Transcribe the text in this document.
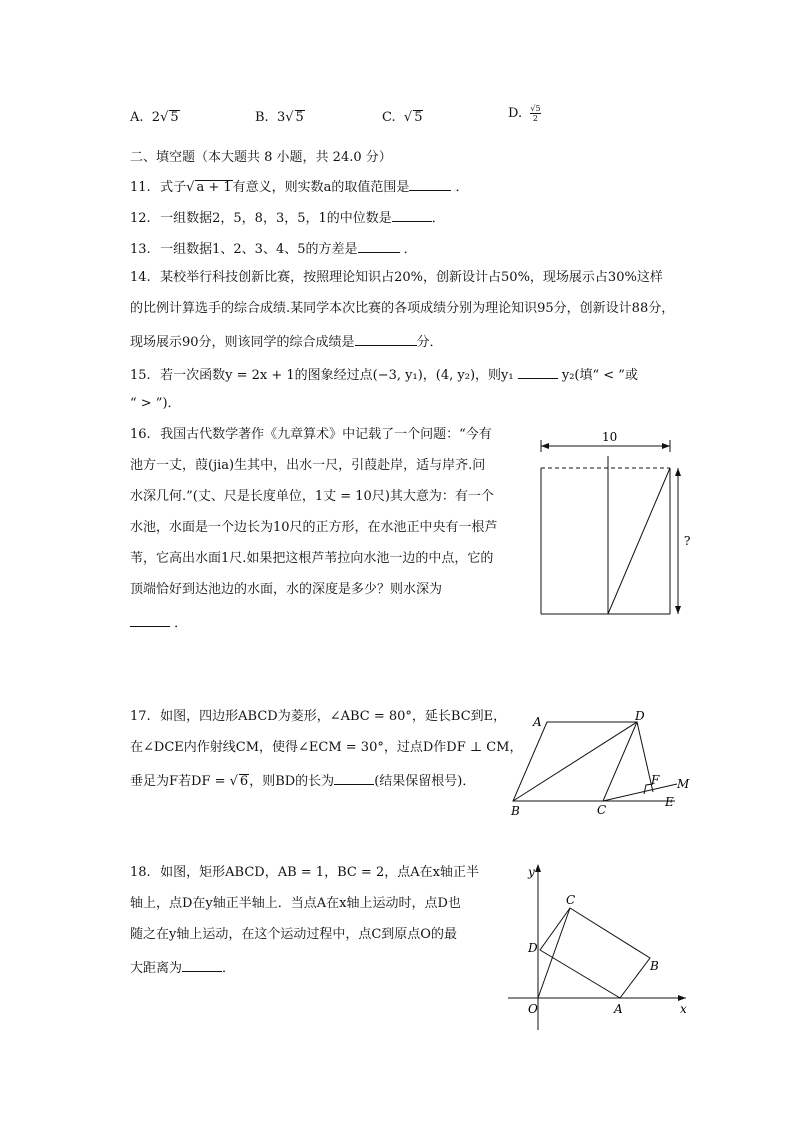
A. 2√ 5	B. 3√ 5	C.  √ 5	D. $\frac{√5}{2}$
二、填空题（本大题共 8 小题，共 24.0 分）
11. 式子√ a + 1有意义，则实数a的取值范围是	．
12. 一组数据2，5，8，3，5，1的中位数是	．
13. 一组数据1、2、3、4、5的方差是	．
14. 某校举行科技创新比赛，按照理论知识占20%，创新设计占50%，现场展示占30%这样
的比例计算选手的综合成绩.某同学本次比赛的各项成绩分别为理论知识95分，创新设计88分，
现场展示90分，则该同学的综合成绩是	分．
15. 若一次函数y = 2x + 1的图象经过点(−3, y₁)，(4, y₂)，则y₁	y₂(填“ < ”或
“ > ”)．
16. 我国古代数学著作《九章算术》中记载了一个问题：“今有
池方一丈，葭(jia)生其中，出水一尺，引葭赴岸，适与岸齐.问
水深几何.”(丈、尺是长度单位，1丈 = 10尺)其大意为：有一个
水池，水面是一个边长为10尺的正方形，在水池正中央有一根芦
苇，它高出水面1尺.如果把这根芦苇拉向水池一边的中点，它的
顶端恰好到达池边的水面，水的深度是多少？则水深为
．
10
?
17. 如图，四边形ABCD为菱形，∠ABC = 80°，延长BC到E，
在∠DCE内作射线CM，使得∠ECM = 30°，过点D作DF ⊥ CM，
垂足为F若DF = √ 6，则BD的长为	(结果保留根号)．
A	D
B	C
E
F M
18. 如图，矩形ABCD，AB = 1，BC = 2，点A在x轴正半
轴上，点D在y轴正半轴上．当点A在x轴上运动时，点D也
随之在y轴上运动，在这个运动过程中，点C到原点O的最
大距离为	．
y
x
O	A
B
C
D
